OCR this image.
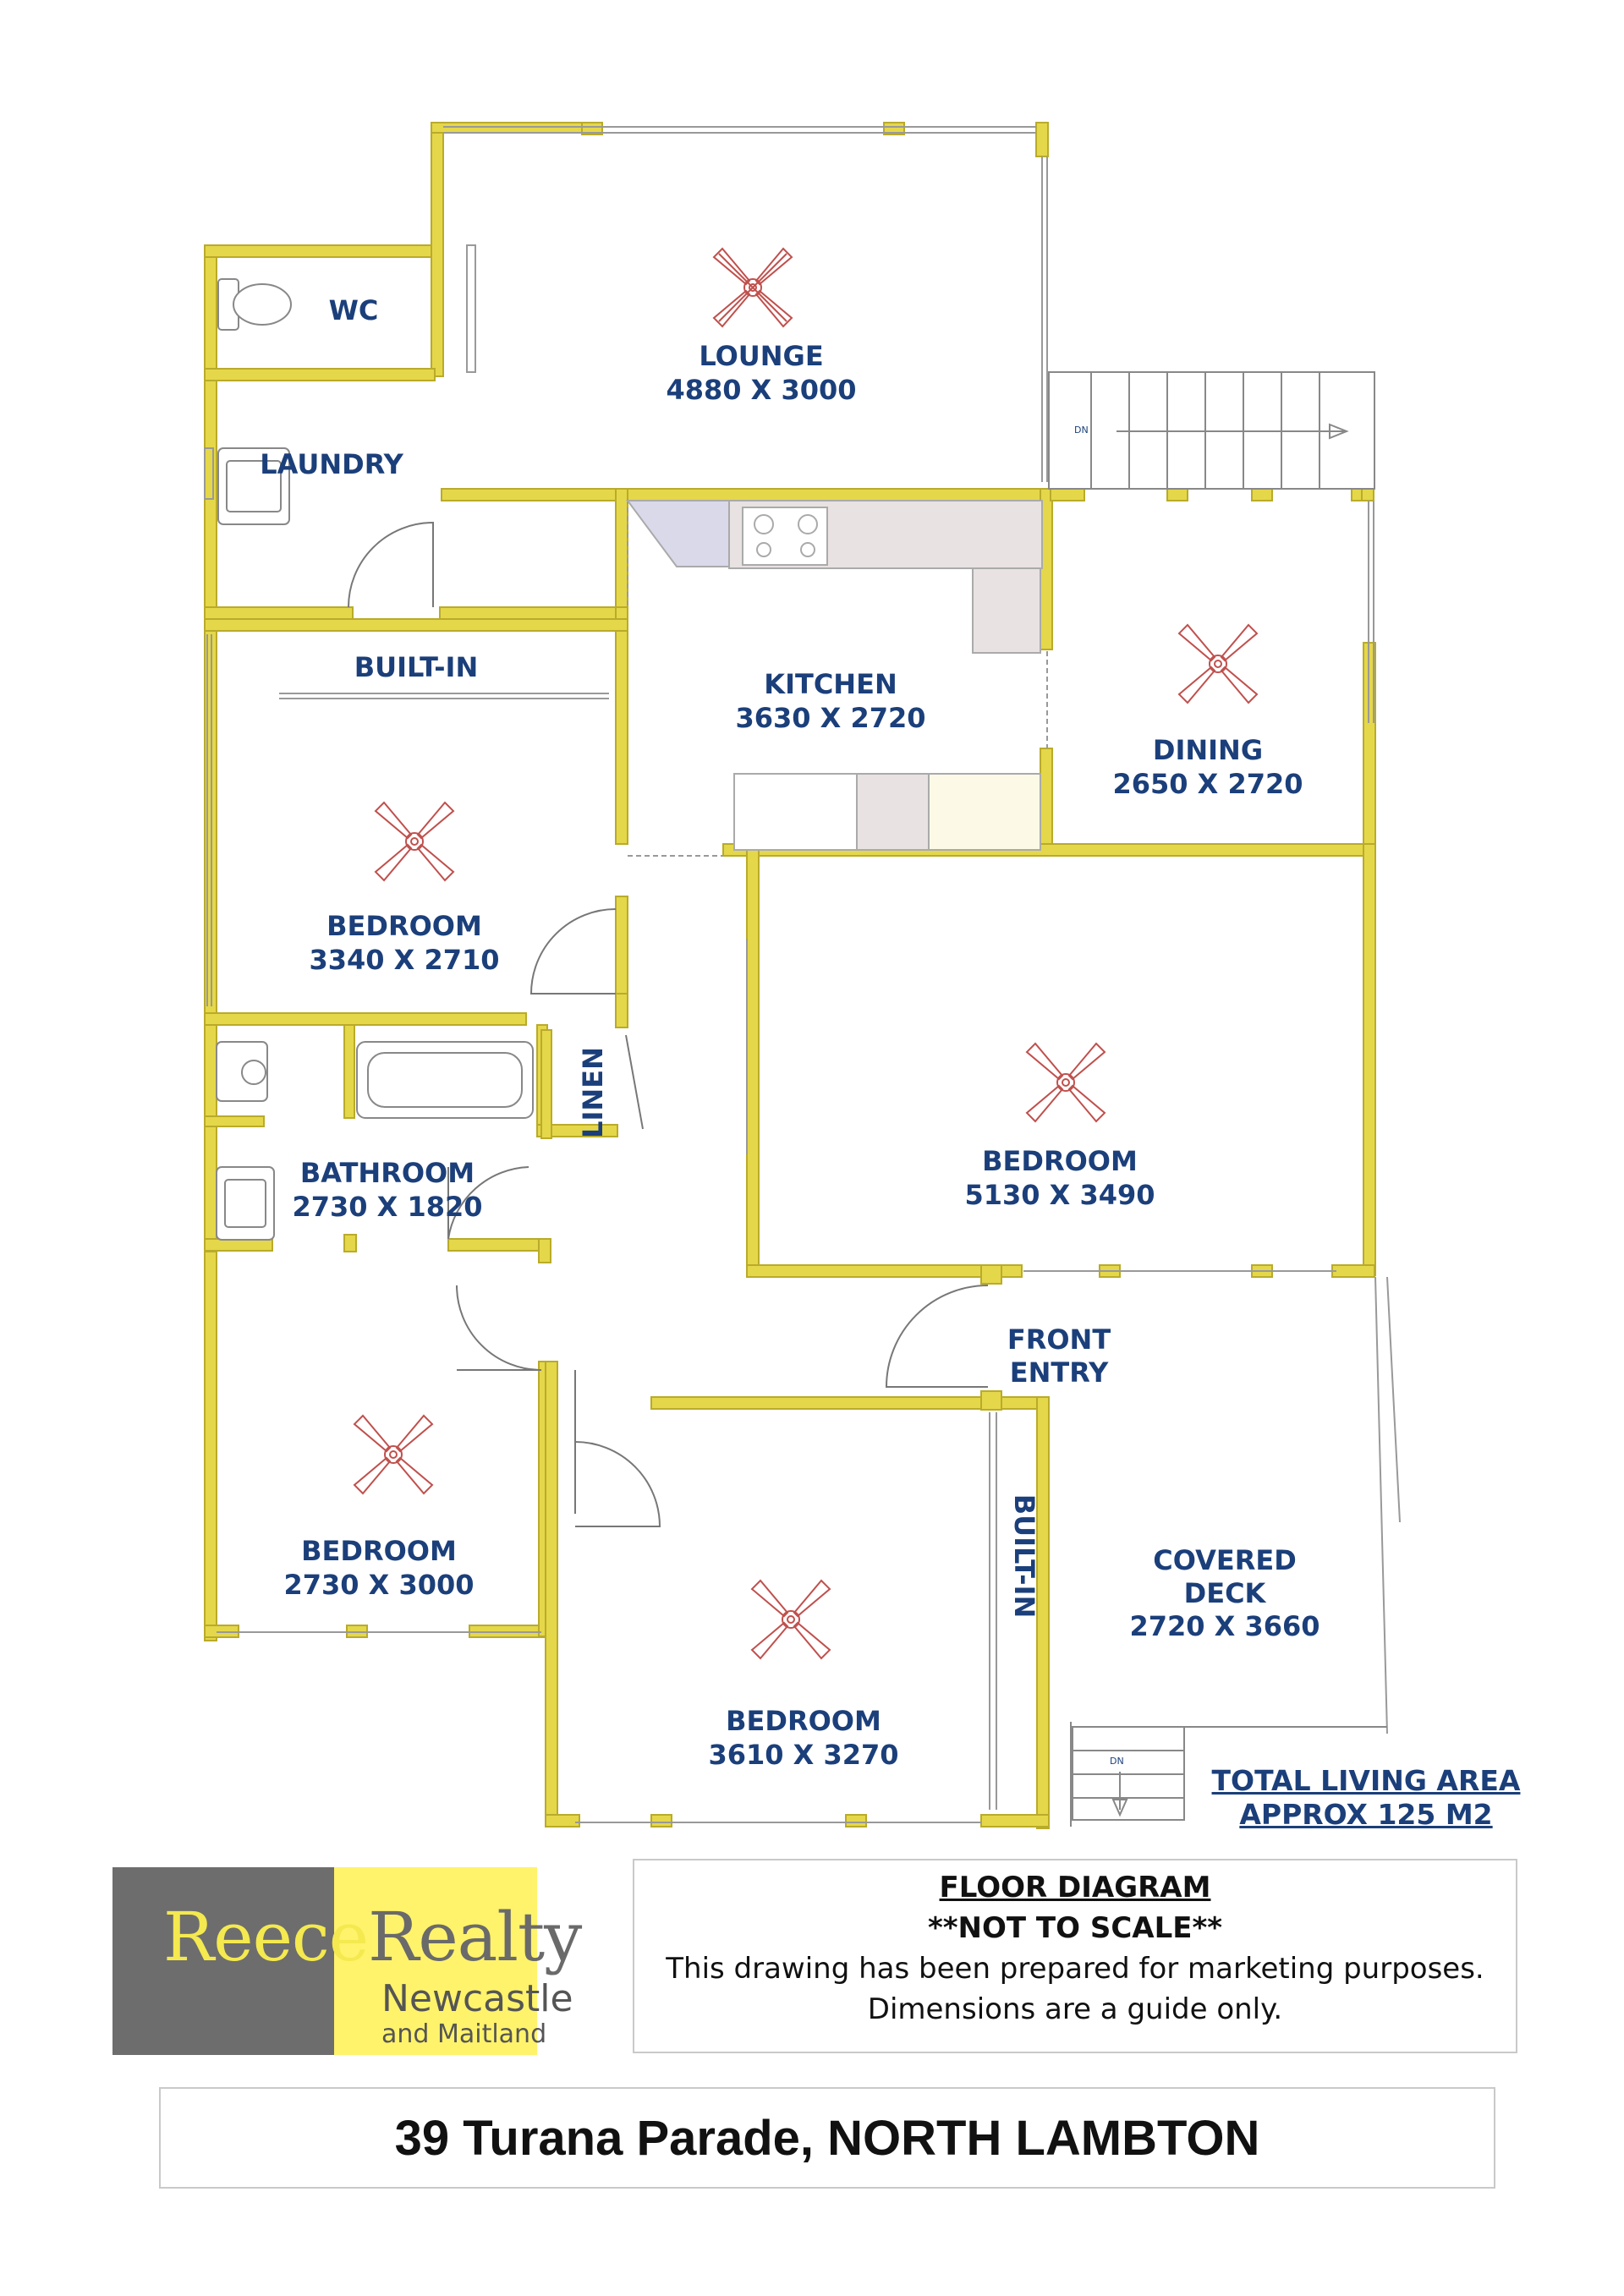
DN
DN
WC
LAUNDRY
LOUNGE
4880 X 3000
BUILT-IN
KITCHEN
3630 X 2720
DINING
2650 X 2720
BEDROOM
3340 X 2710
LINEN
BATHROOM
2730 X 1820
BEDROOM
5130 X 3490
FRONT
ENTRY
BEDROOM
2730 X 3000	BUILT-IN	COVERED
DECK
2720 X 3660
BEDROOM
3610 X 3270
TOTAL LIVING AREA
APPROX 125 M2
ReeceRealty
Newcastle
and Maitland
FLOOR DIAGRAM
**NOT TO SCALE**
This drawing has been prepared for marketing purposes.
Dimensions are a guide only.
39 Turana Parade, NORTH LAMBTON
